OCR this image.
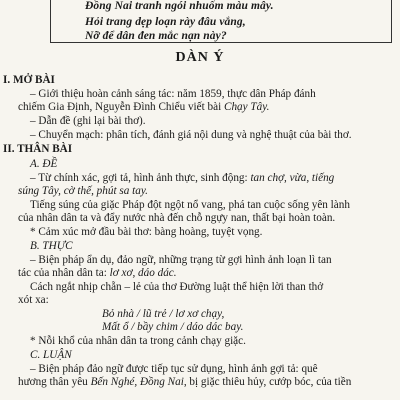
Đồng Nai tranh ngói nhuốm màu mây.
Hỏi trang dẹp loạn rày đâu vắng,
Nỡ để dân đen mắc nạn này?
DÀN Ý
I. MỞ BÀI
– Giới thiệu hoàn cảnh sáng tác: năm 1859, thực dân Pháp đánh
chiếm Gia Định, Nguyễn Đình Chiểu viết bài Chạy Tây.
– Dẫn đề (ghi lại bài thơ).
– Chuyển mạch: phân tích, đánh giá nội dung và nghệ thuật của bài thơ.
II. THÂN BÀI
A. ĐỀ
– Từ chính xác, gợi tả, hình ảnh thực, sinh động: tan chợ, vừa, tiếng
súng Tây, cờ thế, phút sa tay.
Tiếng súng của giặc Pháp đột ngột nổ vang, phá tan cuộc sống yên lành
của nhân dân ta và đẩy nước nhà đến chỗ ngựy nan, thất bại hoàn toàn.
* Cảm xúc mở đầu bài thơ: bàng hoàng, tuyệt vọng.
B. THỰC
– Biện pháp ẩn dụ, đảo ngữ, những trạng từ gợi hình ảnh loạn lì tan
tác của nhân dân ta: lơ xơ, dáo dác.
Cách ngắt nhịp chẵn – lẻ của thơ Đường luật thể hiện lời than thở
xót xa:
Bỏ nhà / lũ trẻ / lơ xơ chạy,
Mất ổ / bầy chim / dáo dác bay.
* Nỗi khổ của nhân dân ta trong cảnh chạy giặc.
C. LUẬN
– Biện pháp đảo ngữ được tiếp tục sử dụng, hình ảnh gợi tả: quê
hương thân yêu Bến Nghé, Đồng Nai, bị giặc thiêu hủy, cướp bóc, của tiền
